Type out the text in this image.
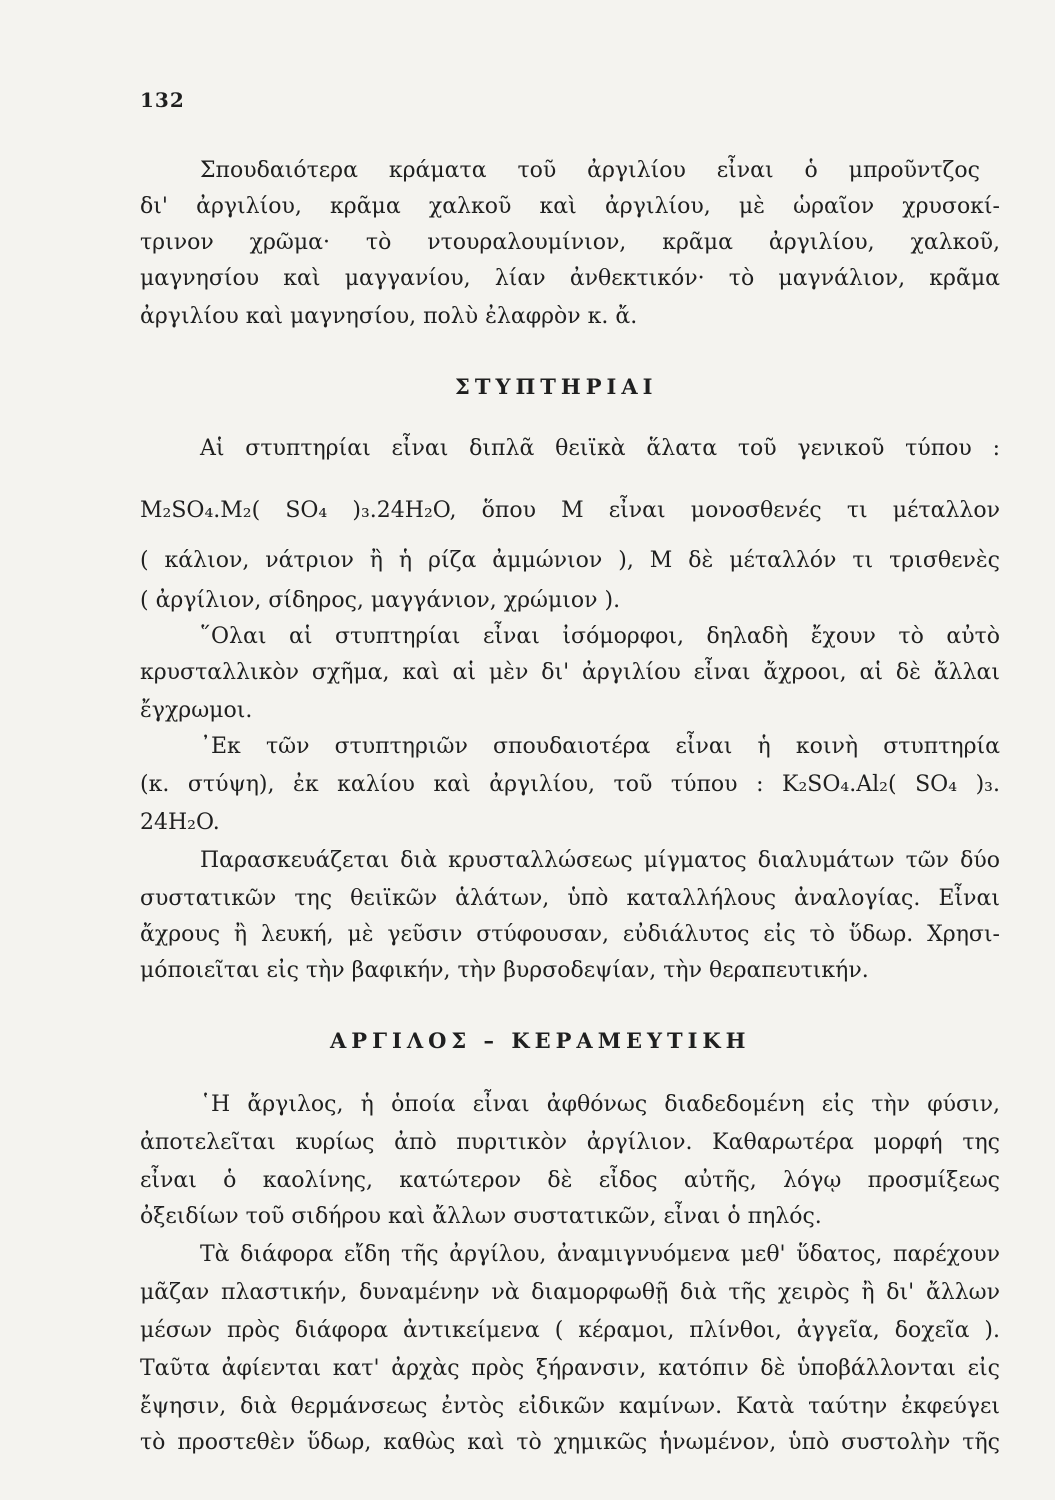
132
Σπουδαιότερα κράματα τοῦ ἀργιλίου εἶναι ὁ μπροῦντζος
δι' ἀργιλίου, κρᾶμα χαλκοῦ καὶ ἀργιλίου, μὲ ὡραῖον χρυσοκί-
τρινον χρῶμα· τὸ ντουραλουμίνιον, κρᾶμα ἀργιλίου, χαλκοῦ,
μαγνησίου καὶ μαγγανίου, λίαν ἀνθεκτικόν· τὸ μαγνάλιον, κρᾶμα
ἀργιλίου καὶ μαγνησίου, πολὺ ἐλαφρὸν κ. ἄ.
ΣΤΥΠΤΗΡΙΑΙ
Αἱ στυπτηρίαι εἶναι διπλᾶ θειϊκὰ ἅλατα τοῦ γενικοῦ τύπου :
M₂SO₄.M₂( SO₄ )₃.24H₂O, ὅπου M εἶναι μονοσθενές τι μέταλλον
( κάλιον, νάτριον ἢ ἡ ρίζα ἀμμώνιον ), M δὲ μέταλλόν τι τρισθενὲς
( ἀργίλιον, σίδηρος, μαγγάνιον, χρώμιον ).
῞Ολαι αἱ στυπτηρίαι εἶναι ἰσόμορφοι, δηλαδὴ ἔχουν τὸ αὐτὸ
κρυσταλλικὸν σχῆμα, καὶ αἱ μὲν δι' ἀργιλίου εἶναι ἄχροοι, αἱ δὲ ἄλλαι
ἔγχρωμοι.
᾿Εκ τῶν στυπτηριῶν σπουδαιοτέρα εἶναι ἡ κοινὴ στυπτηρία
(κ. στύψη), ἐκ καλίου καὶ ἀργιλίου, τοῦ τύπου : K₂SO₄.Al₂( SO₄ )₃.
24H₂O.
Παρασκευάζεται διὰ κρυσταλλώσεως μίγματος διαλυμάτων τῶν δύο
συστατικῶν της θειϊκῶν ἁλάτων, ὑπὸ καταλλήλους ἀναλογίας. Εἶναι
ἄχρους ἢ λευκή, μὲ γεῦσιν στύφουσαν, εὐδιάλυτος εἰς τὸ ὕδωρ. Χρησι-
μόποιεῖται εἰς τὴν βαφικήν, τὴν βυρσοδεψίαν, τὴν θεραπευτικήν.
ΑΡΓΙΛΟΣ – ΚΕΡΑΜΕΥΤΙΚΗ
῾Η ἄργιλος, ἡ ὁποία εἶναι ἀφθόνως διαδεδομένη εἰς τὴν φύσιν,
ἀποτελεῖται κυρίως ἀπὸ πυριτικὸν ἀργίλιον. Καθαρωτέρα μορφή της
εἶναι ὁ καολίνης, κατώτερον δὲ εἶδος αὐτῆς, λόγῳ προσμίξεως
ὀξειδίων τοῦ σιδήρου καὶ ἄλλων συστατικῶν, εἶναι ὁ πηλός.
Τὰ διάφορα εἴδη τῆς ἀργίλου, ἀναμιγνυόμενα μεθ' ὕδατος, παρέχουν
μᾶζαν πλαστικήν, δυναμένην νὰ διαμορφωθῇ διὰ τῆς χειρὸς ἢ δι' ἄλλων
μέσων πρὸς διάφορα ἀντικείμενα ( κέραμοι, πλίνθοι, ἀγγεῖα, δοχεῖα ).
Ταῦτα ἀφίενται κατ' ἀρχὰς πρὸς ξήρανσιν, κατόπιν δὲ ὑποβάλλονται εἰς
ἔψησιν, διὰ θερμάνσεως ἐντὸς εἰδικῶν καμίνων. Κατὰ ταύτην ἐκφεύγει
τὸ προστεθὲν ὕδωρ, καθὼς καὶ τὸ χημικῶς ἡνωμένον, ὑπὸ συστολὴν τῆς
